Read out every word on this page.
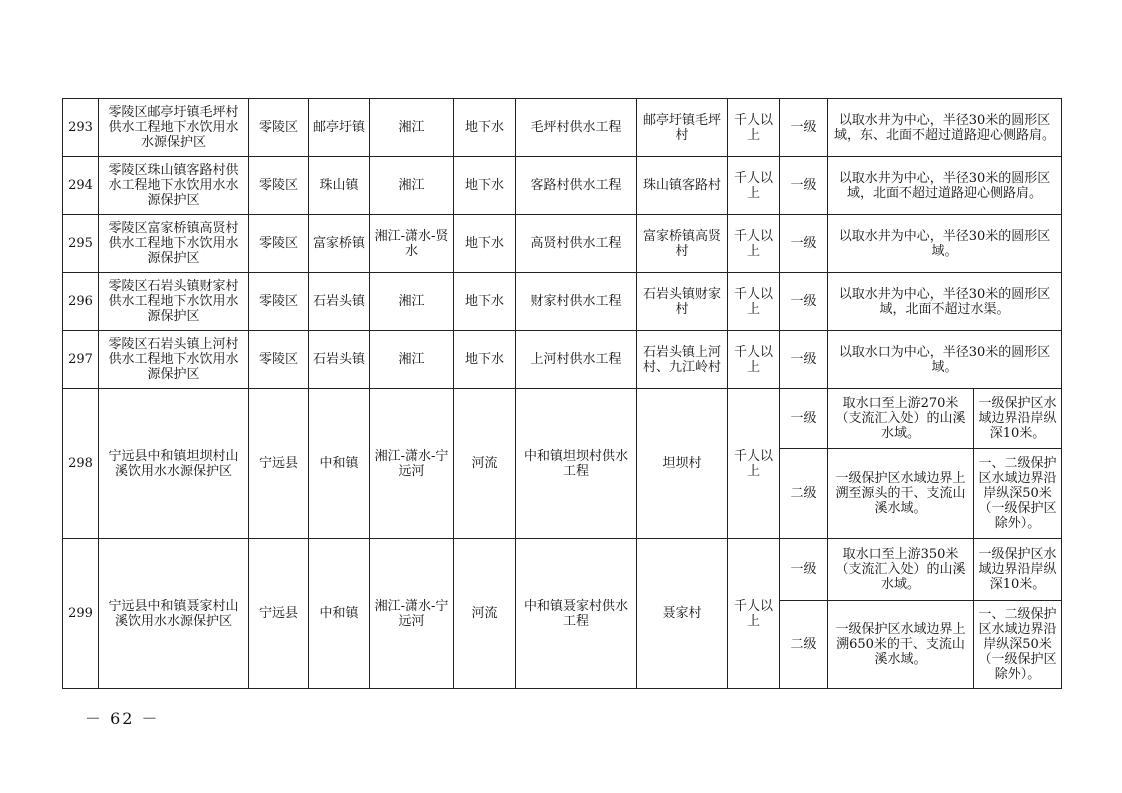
293	零陵区邮亭圩镇毛坪村供水工程地下水饮用水水源保护区	零陵区	邮亭圩镇	湘江	地下水	毛坪村供水工程	邮亭圩镇毛坪村	千人以上	一级	以取水井为中心，半径30米的圆形区域，东、北面不超过道路迎心侧路肩。	
294	零陵区珠山镇客路村供水工程地下水饮用水水源保护区	零陵区	珠山镇	湘江	地下水	客路村供水工程	珠山镇客路村	千人以上	一级	以取水井为中心，半径30米的圆形区域，北面不超过道路迎心侧路肩。	
295	零陵区富家桥镇高贤村供水工程地下水饮用水源保护区	零陵区	富家桥镇	湘江-潇水-贤水	地下水	高贤村供水工程	富家桥镇高贤村	千人以上	一级	以取水井为中心，半径30米的圆形区域。	
296	零陵区石岩头镇财家村供水工程地下水饮用水源保护区	零陵区	石岩头镇	湘江	地下水	财家村供水工程	石岩头镇财家村	千人以上	一级	以取水井为中心，半径30米的圆形区域，北面不超过水渠。	
297	零陵区石岩头镇上河村供水工程地下水饮用水源保护区	零陵区	石岩头镇	湘江	地下水	上河村供水工程	石岩头镇上河村、九江岭村	千人以上	一级	以取水口为中心，半径30米的圆形区域。	
298	宁远县中和镇坦坝村山溪饮用水水源保护区	宁远县	中和镇	湘江-潇水-宁远河	河流	中和镇坦坝村供水工程	坦坝村	千人以上	一级	取水口至上游270米（支流汇入处）的山溪水域。	一级保护区水域边界沿岸纵深10米。
									二级	一级保护区水域边界上溯至源头的干、支流山溪水域。	一、二级保护区水域边界沿岸纵深50米（一级保护区除外）。
299	宁远县中和镇聂家村山溪饮用水水源保护区	宁远县	中和镇	湘江-潇水-宁远河	河流	中和镇聂家村供水工程	聂家村	千人以上	一级	取水口至上游350米（支流汇入处）的山溪水域。	一级保护区水域边界沿岸纵深10米。
									二级	一级保护区水域边界上溯650米的干、支流山溪水域。	一、二级保护区水域边界沿岸纵深50米（一级保护区除外）。
－ 62 －
